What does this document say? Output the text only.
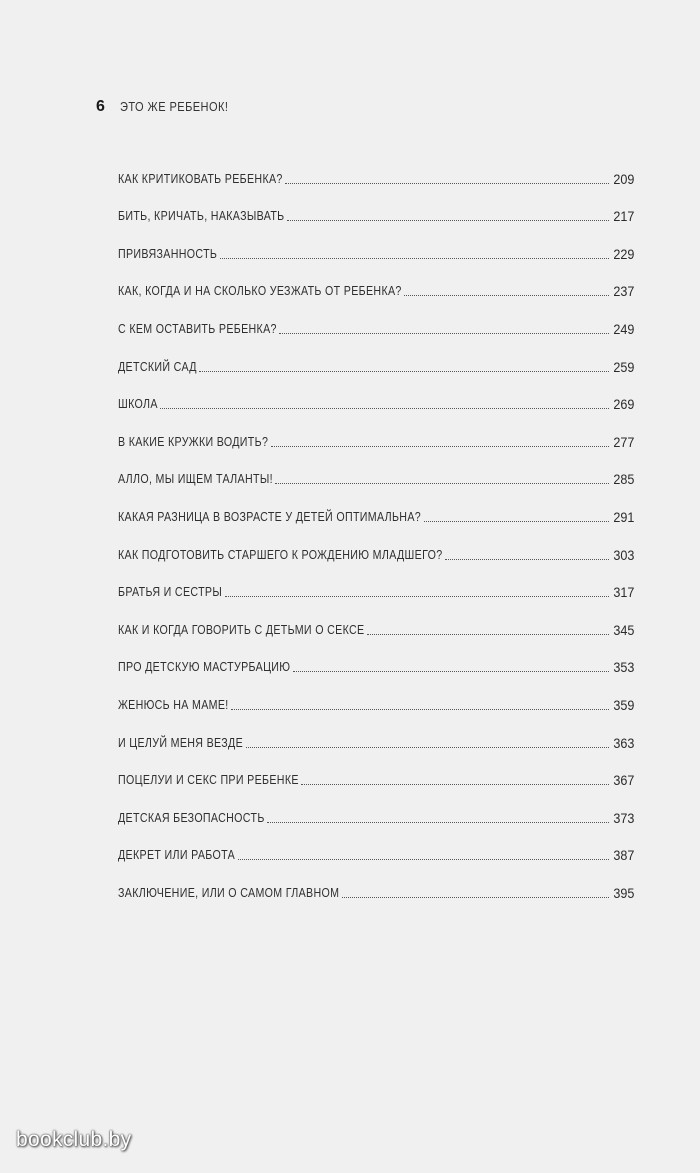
6	ЭТО ЖЕ РЕБЕНОК!
КАК КРИТИКОВАТЬ РЕБЕНКА?	209
БИТЬ, КРИЧАТЬ, НАКАЗЫВАТЬ	217
ПРИВЯЗАННОСТЬ	229
КАК, КОГДА И НА СКОЛЬКО УЕЗЖАТЬ ОТ РЕБЕНКА?	237
С КЕМ ОСТАВИТЬ РЕБЕНКА?	249
ДЕТСКИЙ САД	259
ШКОЛА	269
В КАКИЕ КРУЖКИ ВОДИТЬ?	277
АЛЛО, МЫ ИЩЕМ ТАЛАНТЫ!	285
КАКАЯ РАЗНИЦА В ВОЗРАСТЕ У ДЕТЕЙ ОПТИМАЛЬНА?	291
КАК ПОДГОТОВИТЬ СТАРШЕГО К РОЖДЕНИЮ МЛАДШЕГО?	303
БРАТЬЯ И СЕСТРЫ	317
КАК И КОГДА ГОВОРИТЬ С ДЕТЬМИ О СЕКСЕ	345
ПРО ДЕТСКУЮ МАСТУРБАЦИЮ	353
ЖЕНЮСЬ НА МАМЕ!	359
И ЦЕЛУЙ МЕНЯ ВЕЗДЕ	363
ПОЦЕЛУИ И СЕКС ПРИ РЕБЕНКЕ	367
ДЕТСКАЯ БЕЗОПАСНОСТЬ	373
ДЕКРЕТ ИЛИ РАБОТА	387
ЗАКЛЮЧЕНИЕ, ИЛИ О САМОМ ГЛАВНОМ	395
bookclub.by
